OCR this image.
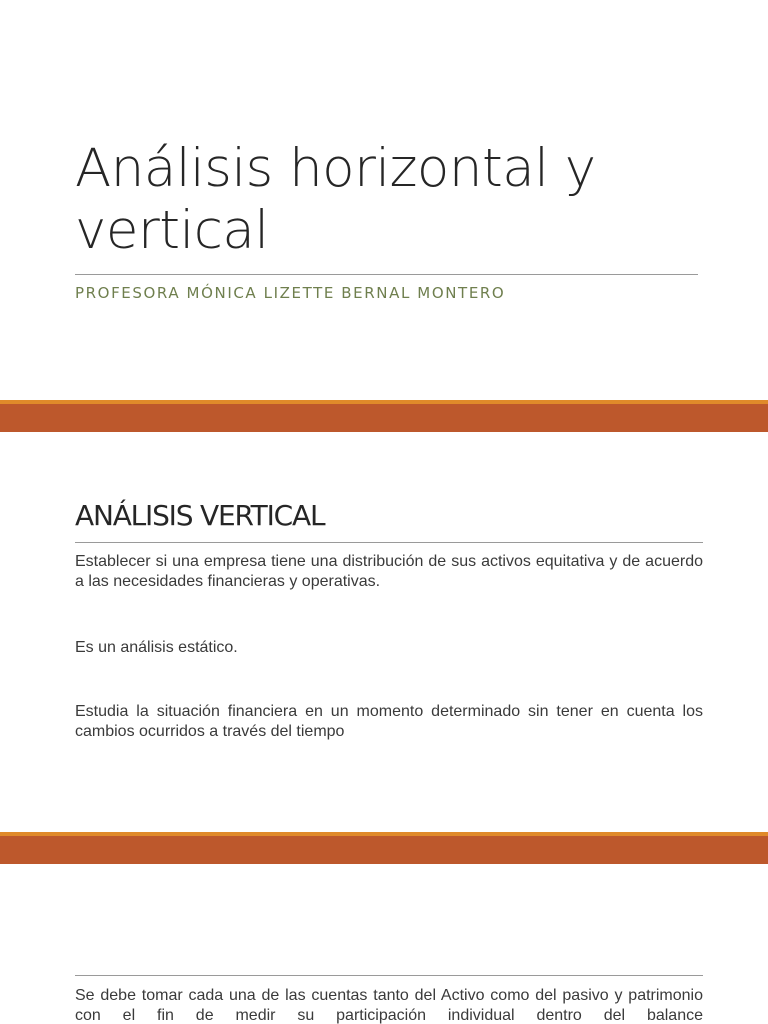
Análisis horizontal y
vertical

PROFESORA MÓNICA LIZETTE BERNAL MONTERO

ANÁLISIS VERTICAL

Establecer si una empresa tiene una distribución de sus activos equitativa y de acuerdo a las necesidades financieras y operativas.

Es un análisis estático.

Estudia la situación financiera en un momento determinado sin tener en cuenta los cambios ocurridos a través del tiempo

Se debe tomar cada una de las cuentas tanto del Activo como del pasivo y patrimonio con el fin de medir su participación individual dentro del balance
